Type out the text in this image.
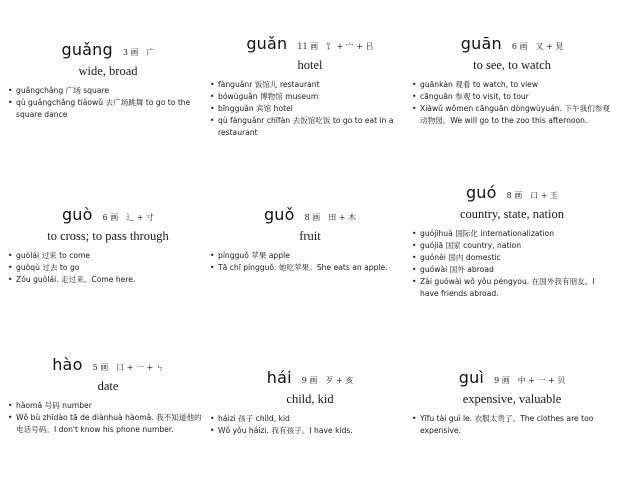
guǎng 3 画　广
wide, broad
• guǎngchǎng 广场 square
• qù guǎngchǎng tiàowǔ 去广场跳舞 to go to the square dance
guǎn 11 画　饣 + 宀 + 㠯
hotel
• fànguǎnr 饭馆儿 restaurant
• bówùguǎn 博物馆 museum
• bīngguǎn 宾馆 hotel
• qù fànguǎnr chīfàn 去饭馆吃饭 to go to eat in a restaurant
guān 6 画　又 + 見
to see, to watch
• guānkàn 观看 to watch, to view
• cānguān 参观 to visit, to tour
• Xiàwǔ wǒmen cānguān dòngwùyuán. 下午我们参观动物园。We will go to the zoo this afternoon.
guò 6 画　辶 + 寸
to cross; to pass through
• guòlái 过来 to come
• guòqù 过去 to go
• Zǒu guòlái. 走过来。Come here.
guǒ 8 画　田 + 木
fruit
• píngguǒ 苹果 apple
• Tā chī píngguǒ. 她吃苹果。She eats an apple.
guó 8 画　口 + 玉
country, state, nation
• guójìhuà 国际化 internationalization
• guójiā 国家 country, nation
• guónèi 国内 domestic
• guówài 国外 abroad
• Zài guówài wǒ yǒu péngyou. 在国外我有朋友。I have friends abroad.
hào 5 画　口 + 一 + ㄣ
date
• hàomǎ 号码 number
• Wǒ bù zhīdào tā de diànhuà hàomǎ. 我不知道他的电话号码。I don't know his phone number.
hái 9 画　歹 + 亥
child, kid
• háizi 孩子 child, kid
• Wǒ yǒu háizi. 我有孩子。I have kids.
guì 9 画　中 + 一 + 贝
expensive, valuable
• Yīfu tài guì le. 衣服太贵了。The clothes are too expensive.
